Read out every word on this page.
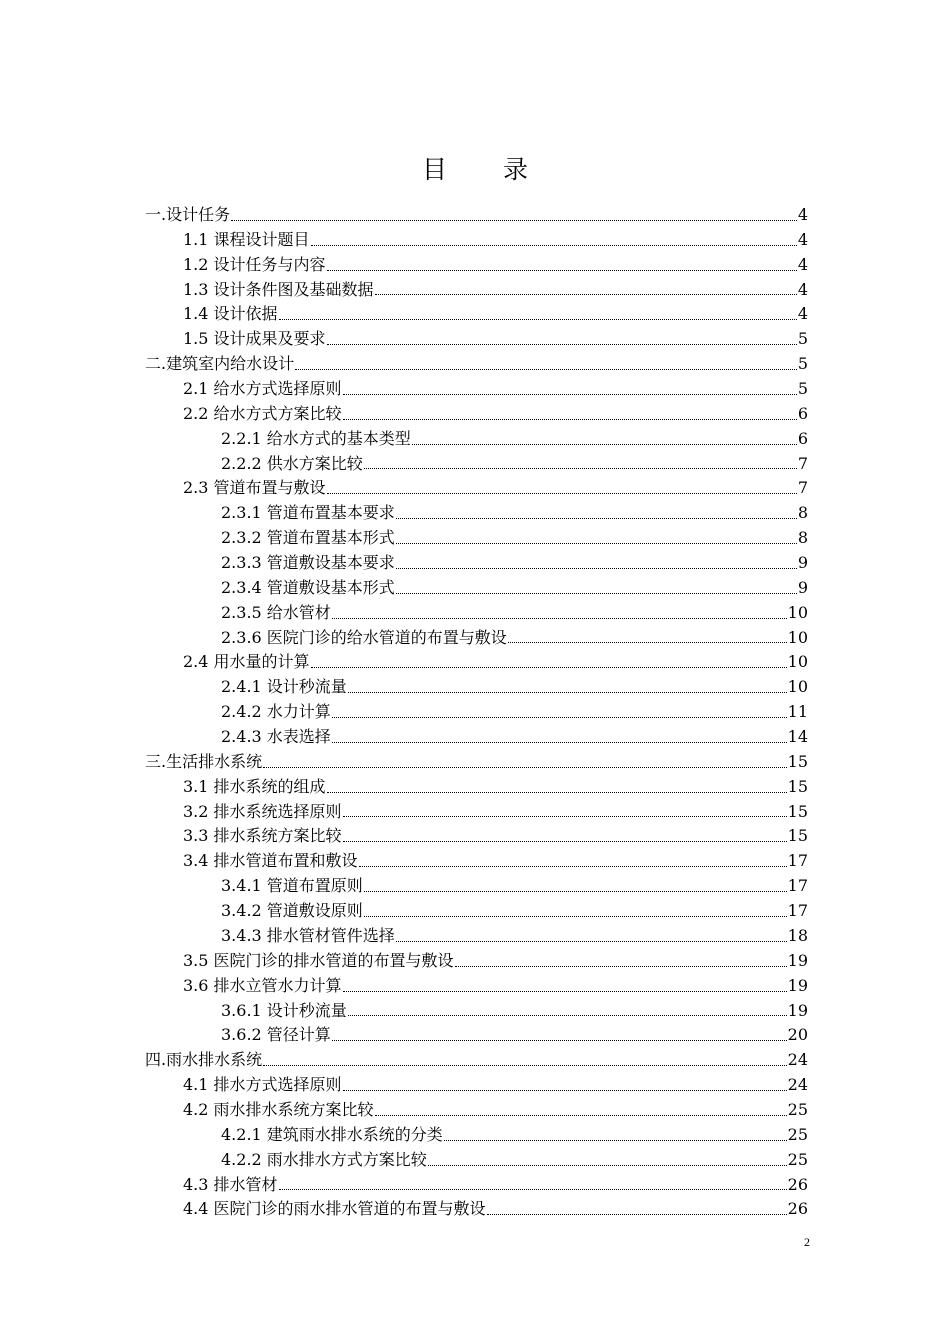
目 录
一.设计任务	4
1.1 课程设计题目	4
1.2 设计任务与内容	4
1.3 设计条件图及基础数据	4
1.4 设计依据	4
1.5 设计成果及要求	5
二.建筑室内给水设计	5
2.1 给水方式选择原则	5
2.2 给水方式方案比较	6
2.2.1 给水方式的基本类型	6
2.2.2 供水方案比较	7
2.3 管道布置与敷设	7
2.3.1 管道布置基本要求	8
2.3.2 管道布置基本形式	8
2.3.3 管道敷设基本要求	9
2.3.4 管道敷设基本形式	9
2.3.5 给水管材	10
2.3.6 医院门诊的给水管道的布置与敷设	10
2.4 用水量的计算	10
2.4.1 设计秒流量	10
2.4.2 水力计算	11
2.4.3 水表选择	14
三.生活排水系统	15
3.1 排水系统的组成	15
3.2 排水系统选择原则	15
3.3 排水系统方案比较	15
3.4 排水管道布置和敷设	17
3.4.1 管道布置原则	17
3.4.2 管道敷设原则	17
3.4.3 排水管材管件选择	18
3.5 医院门诊的排水管道的布置与敷设	19
3.6 排水立管水力计算	19
3.6.1 设计秒流量	19
3.6.2 管径计算	20
四.雨水排水系统	24
4.1 排水方式选择原则	24
4.2 雨水排水系统方案比较	25
4.2.1 建筑雨水排水系统的分类	25
4.2.2 雨水排水方式方案比较	25
4.3 排水管材	26
4.4 医院门诊的雨水排水管道的布置与敷设	26
2
